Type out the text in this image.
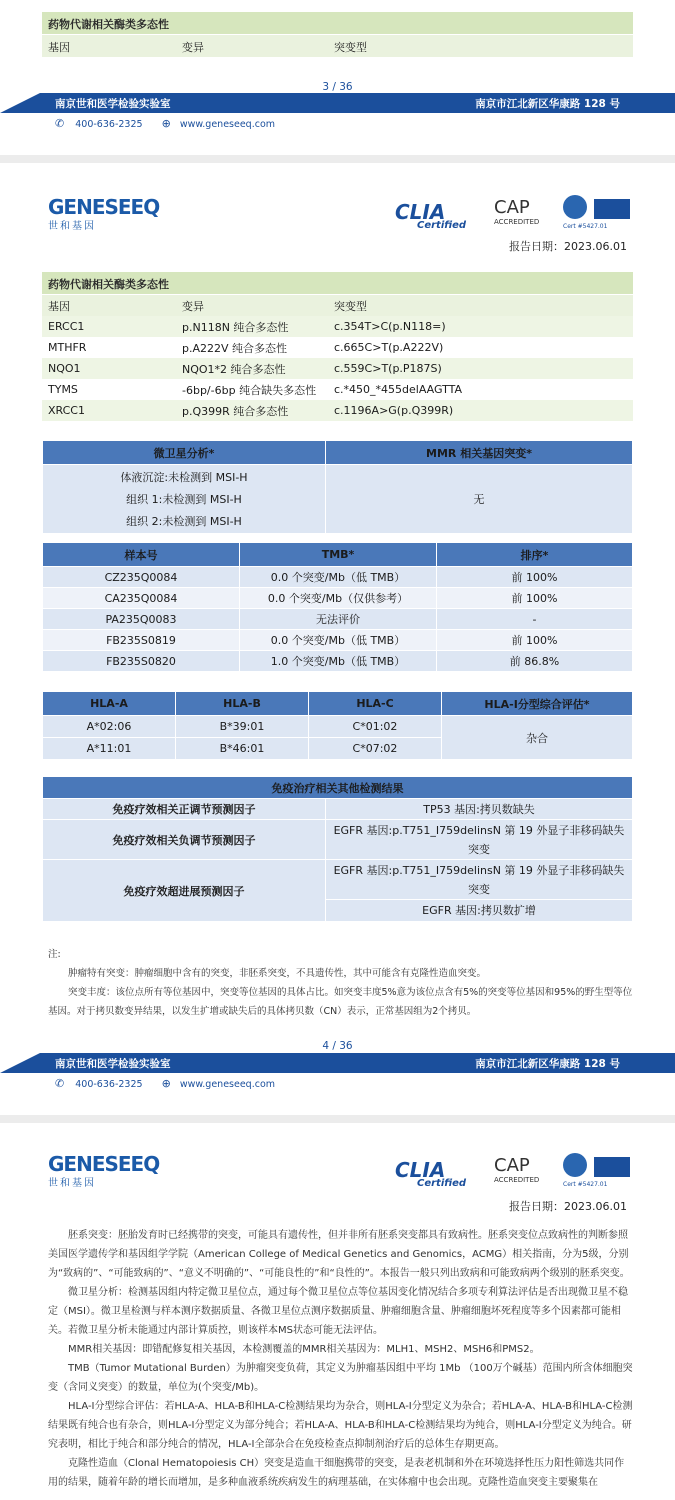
药物代谢相关酶类多态性
基因	变异	突变型
3 / 36
南京世和医学检验实验室	南京市江北新区华康路 128 号
✆ 400-636-2325 ⊕ www.geneseeq.com
GENESEEQ
世和基因
CLIA
Certified
CAP
ACCREDITED

Cert #5427.01
报告日期：2023.06.01
药物代谢相关酶类多态性
基因	变异	突变型
ERCC1	p.N118N 纯合多态性	c.354T>C(p.N118=)
MTHFR	p.A222V 纯合多态性	c.665C>T(p.A222V)
NQO1	NQO1*2 纯合多态性	c.559C>T(p.P187S)
TYMS	-6bp/-6bp 纯合缺失多态性	c.*450_*455delAAGTTA
XRCC1	p.Q399R 纯合多态性	c.1196A>G(p.Q399R)
微卫星分析*	MMR 相关基因突变*

体液沉淀:未检测到 MSI-H
组织 1:未检测到 MSI-H
组织 2:未检测到 MSI-H	无
样本号	TMB*	排序*
CZ235Q0084	0.0 个突变/Mb（低 TMB）	前 100%
CA235Q0084	0.0 个突变/Mb（仅供参考）	前 100%
PA235Q0083	无法评价	-
FB235S0819	0.0 个突变/Mb（低 TMB）	前 100%
FB235S0820	1.0 个突变/Mb（低 TMB）	前 86.8%
HLA-A	HLA-B	HLA-C	HLA-Ⅰ分型综合评估*
A*02:06	B*39:01	C*01:02	杂合
A*11:01	B*46:01	C*07:02	
免疫治疗相关其他检测结果	
免疫疗效相关正调节预测因子	TP53 基因:拷贝数缺失
免疫疗效相关负调节预测因子	EGFR 基因:p.T751_I759delinsN 第 19 外显子非移码缺失突变
免疫疗效超进展预测因子	EGFR 基因:p.T751_I759delinsN 第 19 外显子非移码缺失突变
EGFR 基因:拷贝数扩增
注:
肿瘤特有突变：肿瘤细胞中含有的突变，非胚系突变，不具遗传性，其中可能含有克隆性造血突变。
突变丰度：该位点所有等位基因中，突变等位基因的具体占比。如突变丰度5%意为该位点含有5%的突变等位基因和95%的野生型等位基因。对于拷贝数变异结果，以发生扩增或缺失后的具体拷贝数（CN）表示，正常基因组为2个拷贝。
4 / 36
南京世和医学检验实验室	南京市江北新区华康路 128 号
✆ 400-636-2325 ⊕ www.geneseeq.com
GENESEEQ
世和基因
CLIA
Certified
CAP
ACCREDITED

Cert #5427.01
报告日期：2023.06.01

胚系突变：胚胎发育时已经携带的突变，可能具有遗传性，但并非所有胚系突变都具有致病性。胚系突变位点致病性的判断参照美国医学遗传学和基因组学学院（American College of Medical Genetics and Genomics，ACMG）相关指南，分为5级，分别为“致病的”、“可能致病的”、“意义不明确的”、“可能良性的”和“良性的”。本报告一般只列出致病和可能致病两个级别的胚系突变。

微卫星分析：检测基因组内特定微卫星位点，通过每个微卫星位点等位基因变化情况结合多项专利算法评估是否出现微卫星不稳定（MSI）。微卫星检测与样本测序数据质量、各微卫星位点测序数据质量、肿瘤细胞含量、肿瘤细胞坏死程度等多个因素都可能相关。若微卫星分析未能通过内部计算质控，则该样本MS状态可能无法评估。

MMR相关基因：即错配修复相关基因，本检测覆盖的MMR相关基因为：MLH1、MSH2、MSH6和PMS2。

TMB（Tumor Mutational Burden）为肿瘤突变负荷，其定义为肿瘤基因组中平均 1Mb （100万个碱基）范围内所含体细胞突变（含同义突变）的数量，单位为(个突变/Mb)。

HLA-Ⅰ分型综合评估：若HLA-A、HLA-B和HLA-C检测结果均为杂合，则HLA-Ⅰ分型定义为杂合；若HLA-A、HLA-B和HLA-C检测结果既有纯合也有杂合，则HLA-Ⅰ分型定义为部分纯合；若HLA-A、HLA-B和HLA-C检测结果均为纯合，则HLA-Ⅰ分型定义为纯合。研究表明，相比于纯合和部分纯合的情况，HLA-Ⅰ全部杂合在免疫检查点抑制剂治疗后的总体生存期更高。

克隆性造血（Clonal Hematopoiesis CH）突变是造血干细胞携带的突变，是表老机制和外在环境选择性压力阳性筛选共同作用的结果，随着年龄的增长而增加，是多种血液系统疾病发生的病理基础，在实体瘤中也会出现。克隆性造血突变主要聚集在
